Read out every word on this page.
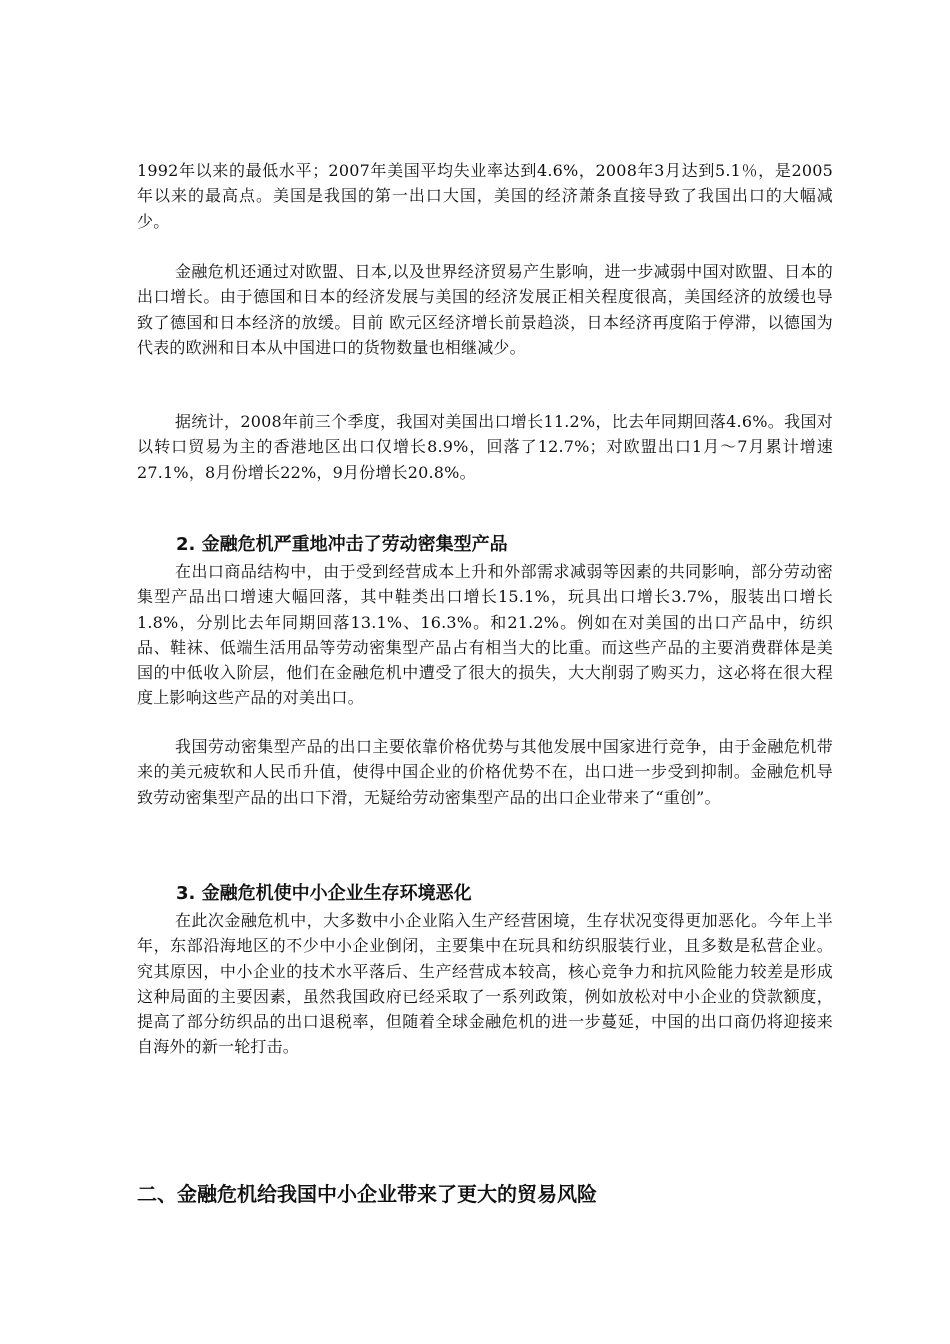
1992年以来的最低水平；2007年美国平均失业率达到4.6%，2008年3月达到5.1％，是2005年以来的最高点。美国是我国的第一出口大国，美国的经济萧条直接导致了我国出口的大幅减少。

金融危机还通过对欧盟、日本,以及世界经济贸易产生影响，进一步减弱中国对欧盟、日本的出口增长。由于德国和日本的经济发展与美国的经济发展正相关程度很高，美国经济的放缓也导致了德国和日本经济的放缓。目前 欧元区经济增长前景趋淡，日本经济再度陷于停滞，以德国为代表的欧洲和日本从中国进口的货物数量也相继减少。

据统计，2008年前三个季度，我国对美国出口增长11.2%，比去年同期回落4.6%。我国对以转口贸易为主的香港地区出口仅增长8.9%，回落了12.7%；对欧盟出口1月～7月累计增速27.1%，8月份增长22%，9月份增长20.8%。

2. 金融危机严重地冲击了劳动密集型产品

在出口商品结构中，由于受到经营成本上升和外部需求减弱等因素的共同影响，部分劳动密集型产品出口增速大幅回落，其中鞋类出口增长15.1%，玩具出口增长3.7%，服装出口增长1.8%，分别比去年同期回落13.1%、16.3%。和21.2%。例如在对美国的出口产品中，纺织品、鞋袜、低端生活用品等劳动密集型产品占有相当大的比重。而这些产品的主要消费群体是美国的中低收入阶层，他们在金融危机中遭受了很大的损失，大大削弱了购买力，这必将在很大程度上影响这些产品的对美出口。

我国劳动密集型产品的出口主要依靠价格优势与其他发展中国家进行竞争，由于金融危机带来的美元疲软和人民币升值，使得中国企业的价格优势不在，出口进一步受到抑制。金融危机导致劳动密集型产品的出口下滑，无疑给劳动密集型产品的出口企业带来了“重创”。

3. 金融危机使中小企业生存环境恶化

在此次金融危机中，大多数中小企业陷入生产经营困境，生存状况变得更加恶化。今年上半年，东部沿海地区的不少中小企业倒闭，主要集中在玩具和纺织服装行业，且多数是私营企业。究其原因，中小企业的技术水平落后、生产经营成本较高，核心竞争力和抗风险能力较差是形成这种局面的主要因素，虽然我国政府已经采取了一系列政策，例如放松对中小企业的贷款额度，提高了部分纺织品的出口退税率，但随着全球金融危机的进一步蔓延，中国的出口商仍将迎接来自海外的新一轮打击。

二、金融危机给我国中小企业带来了更大的贸易风险
